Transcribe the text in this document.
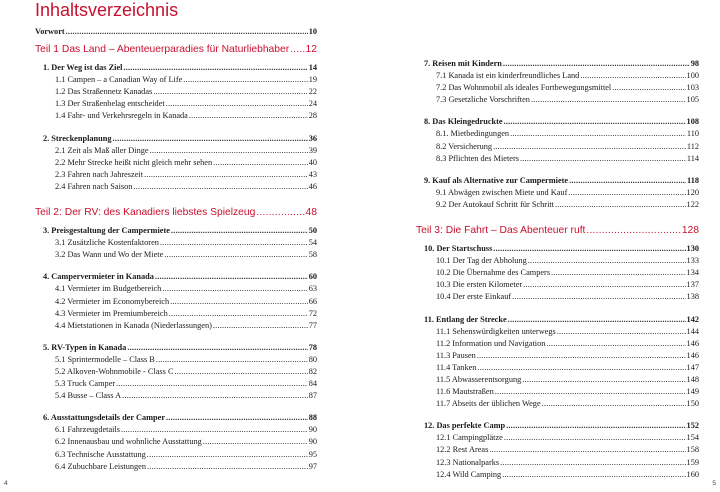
Inhaltsverzeichnis
Vorwort .....	10
Teil 1 Das Land – Abenteuerparadies für Naturliebhaber ..... 12
1. Der Weg ist das Ziel .....	14
1.1 Campen – a Canadian Way of Life .....	19
1.2 Das Straßennetz Kanadas .....	22
1.3 Der Straßenbelag entscheidet .....	24
1.4 Fahr- und Verkehrsregeln in Kanada .....	28
2. Streckenplanung .....	36
2.1 Zeit als Maß aller Dinge .....	39
2.2 Mehr Strecke heißt nicht gleich mehr sehen .....	40
2.3 Fahren nach Jahreszeit .....	43
2.4 Fahren nach Saison .....	46
Teil 2: Der RV: des Kanadiers liebstes Spielzeug .....	48
3. Preisgestaltung der Campermiete .....	50
3.1 Zusätzliche Kostenfaktoren .....	54
3.2 Das Wann und Wo der Miete .....	58
4. Campervermieter in Kanada .....	60
4.1 Vermieter im Budgetbereich .....	63
4.2 Vermieter im Economybereich .....	66
4.3 Vermieter im Premiumbereich .....	72
4.4 Mietstationen in Kanada (Niederlassungen) .....	77
5. RV-Typen in Kanada .....	78
5.1 Sprintermodelle – Class B .....	80
5.2 Alkoven-Wohnmobile - Class C .....	82
5.3 Truck Camper .....	84
5.4 Busse – Class A .....	87
6. Ausstattungsdetails der Camper .....	88
6.1 Fahrzeugdetails .....	90
6.2 Innenausbau und wohnliche Ausstattung .....	90
6.3 Technische Ausstattung .....	95
6.4 Zubuchbare Leistungen .....	97
4
7. Reisen mit Kindern .....	98
7.1 Kanada ist ein kinderfreundliches Land .....	100
7.2 Das Wohnmobil als ideales Fortbewegungsmittel .....	103
7.3 Gesetzliche Vorschriften .....	105
8. Das Kleingedruckte .....	108
8.1. Mietbedingungen .....	110
8.2 Versicherung .....	112
8.3 Pflichten des Mieters .....	114
9. Kauf als Alternative zur Campermiete .....	118
9.1 Abwägen zwischen Miete und Kauf .....	120
9.2 Der Autokauf Schritt für Schritt .....	122
Teil 3: Die Fahrt – Das Abenteuer ruft .....	128
10. Der Startschuss .....	130
10.1 Der Tag der Abholung .....	133
10.2 Die Übernahme des Campers .....	134
10.3 Die ersten Kilometer .....	137
10.4 Der erste Einkauf .....	138
11. Entlang der Strecke .....	142
11.1 Sehenswürdigkeiten unterwegs .....	144
11.2 Information und Navigation .....	146
11.3 Pausen .....	146
11.4 Tanken .....	147
11.5 Abwasserentsorgung .....	148
11.6 Mautstraßen .....	149
11.7 Abseits der üblichen Wege .....	150
12. Das perfekte Camp .....	152
12.1 Campingplätze .....	154
12.2 Rest Areas .....	158
12.3 Nationalparks .....	159
12.4 Wild Camping .....	160
5
